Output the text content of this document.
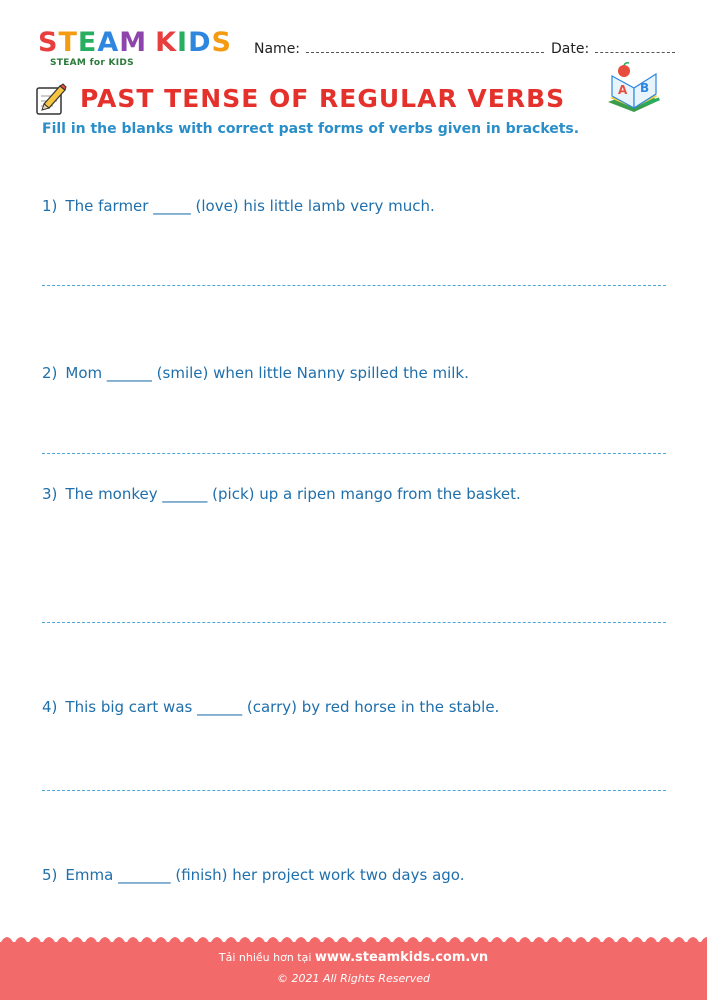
STEAM KIDS
STEAM for KIDS
Name:	Date:
PAST TENSE OF REGULAR VERBS	A B
Fill in the blanks with correct past forms of verbs given in brackets.
1) The farmer _____ (love) his little lamb very much.
2) Mom ______ (smile) when little Nanny spilled the milk.
3) The monkey ______ (pick) up a ripen mango from the basket.
4) This big cart was ______ (carry) by red horse in the stable.
5) Emma _______ (finish) her project work two days ago.
Tải nhiều hơn tại www.steamkids.com.vn
© 2021 All Rights Reserved
